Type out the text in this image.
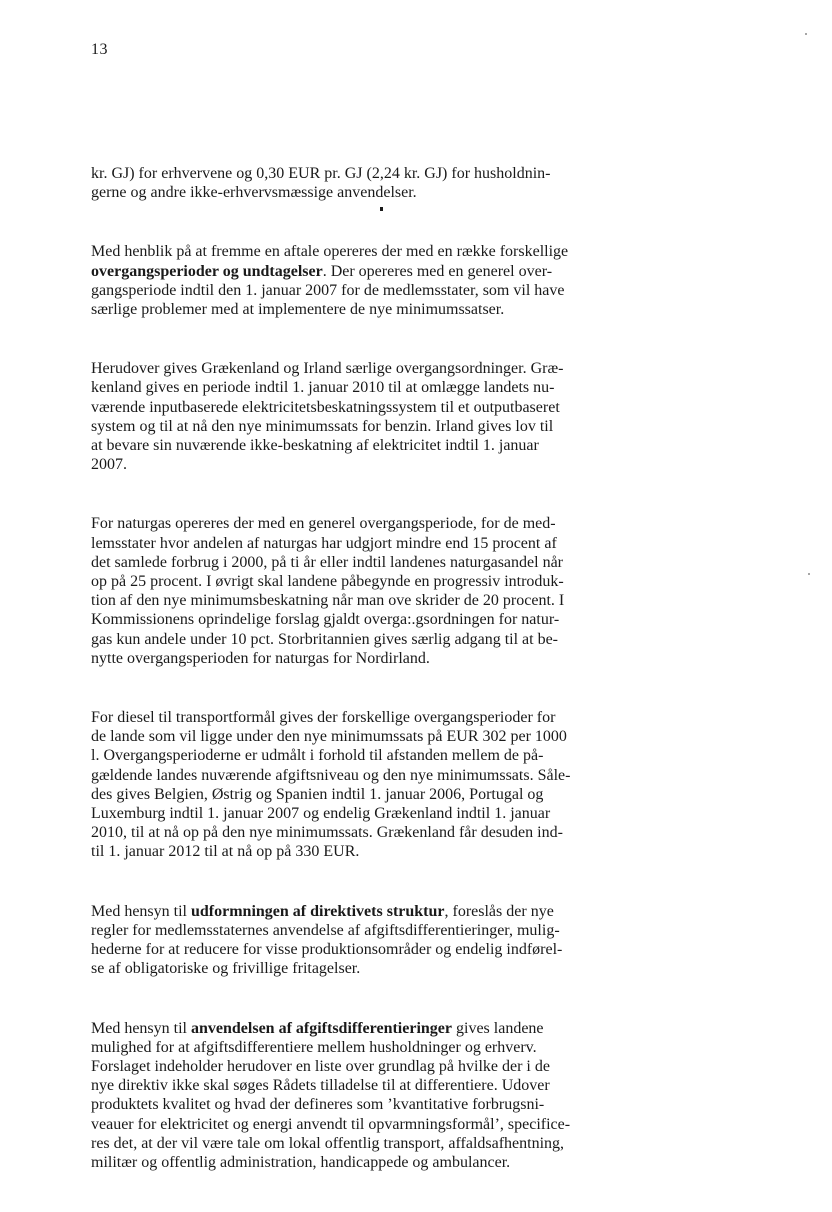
13
kr. GJ) for erhvervene og 0,30 EUR pr. GJ (2,24 kr. GJ) for husholdnin-
gerne og andre ikke-erhvervsmæssige anvendelser.
Med henblik på at fremme en aftale opereres der med en række forskellige
overgangsperioder og undtagelser. Der opereres med en generel over-
gangsperiode indtil den 1. januar 2007 for de medlemsstater, som vil have
særlige problemer med at implementere de nye minimumssatser.
Herudover gives Grækenland og Irland særlige overgangsordninger. Græ-
kenland gives en periode indtil 1. januar 2010 til at omlægge landets nu-
værende inputbaserede elektricitetsbeskatningssystem til et outputbaseret
system og til at nå den nye minimumssats for benzin. Irland gives lov til
at bevare sin nuværende ikke-beskatning af elektricitet indtil 1. januar
2007.
For naturgas opereres der med en generel overgangsperiode, for de med-
lemsstater hvor andelen af naturgas har udgjort mindre end 15 procent af
det samlede forbrug i 2000, på ti år eller indtil landenes naturgasandel når
op på 25 procent. I øvrigt skal landene påbegynde en progressiv introduk-
tion af den nye minimumsbeskatning når man ove skrider de 20 procent. I
Kommissionens oprindelige forslag gjaldt overga:.gsordningen for natur-
gas kun andele under 10 pct. Storbritannien gives særlig adgang til at be-
nytte overgangsperioden for naturgas for Nordirland.
For diesel til transportformål gives der forskellige overgangsperioder for
de lande som vil ligge under den nye minimumssats på EUR 302 per 1000
l. Overgangsperioderne er udmålt i forhold til afstanden mellem de på-
gældende landes nuværende afgiftsniveau og den nye minimumssats. Såle-
des gives Belgien, Østrig og Spanien indtil 1. januar 2006, Portugal og
Luxemburg indtil 1. januar 2007 og endelig Grækenland indtil 1. januar
2010, til at nå op på den nye minimumssats. Grækenland får desuden ind-
til 1. januar 2012 til at nå op på 330 EUR.
Med hensyn til udformningen af direktivets struktur, foreslås der nye
regler for medlemsstaternes anvendelse af afgiftsdifferentieringer, mulig-
hederne for at reducere for visse produktionsområder og endelig indførel-
se af obligatoriske og frivillige fritagelser.
Med hensyn til anvendelsen af afgiftsdifferentieringer gives landene
mulighed for at afgiftsdifferentiere mellem husholdninger og erhverv.
Forslaget indeholder herudover en liste over grundlag på hvilke der i de
nye direktiv ikke skal søges Rådets tilladelse til at differentiere. Udover
produktets kvalitet og hvad der defineres som ’kvantitative forbrugsni-
veauer for elektricitet og energi anvendt til opvarmningsformål’, specifice-
res det, at der vil være tale om lokal offentlig transport, affaldsafhentning,
militær og offentlig administration, handicappede og ambulancer.
